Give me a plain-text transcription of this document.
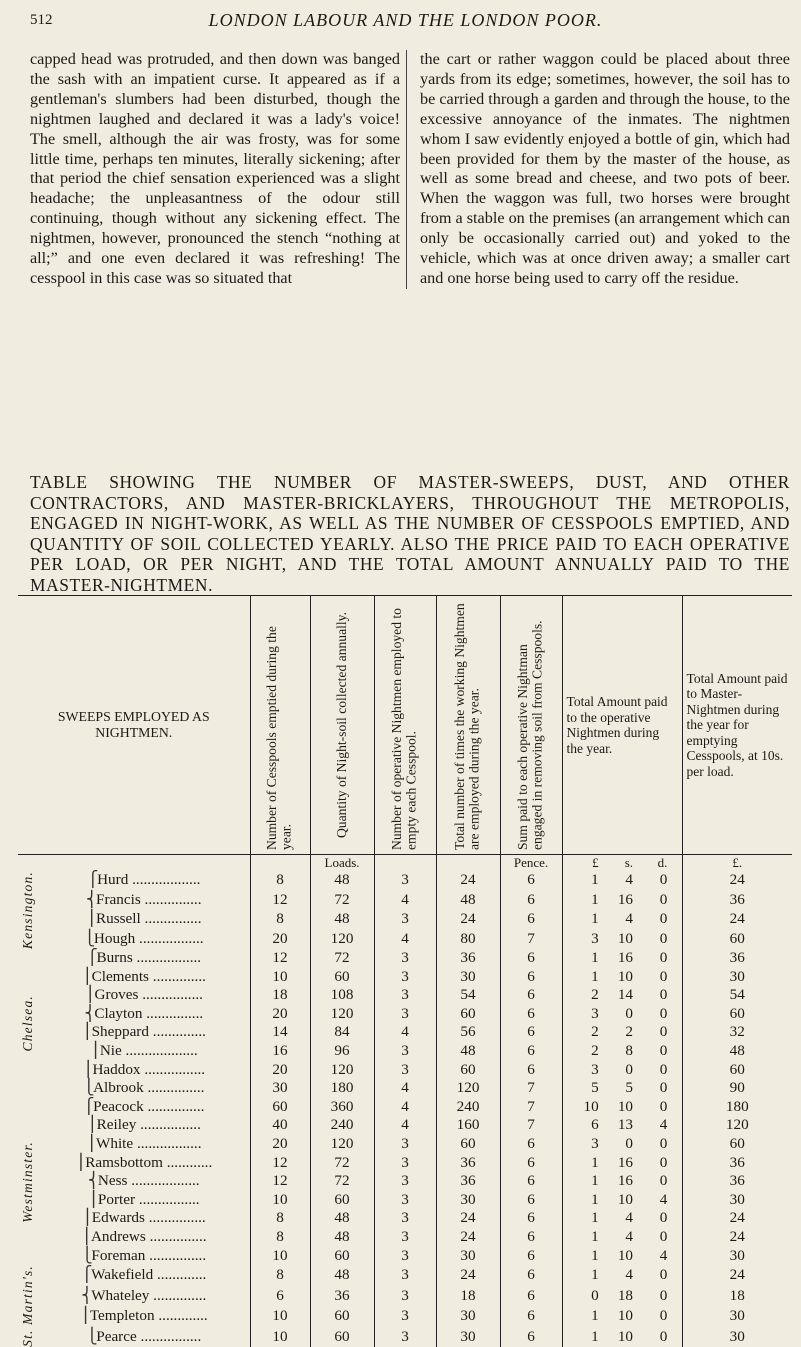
512	LONDON LABOUR AND THE LONDON POOR.
capped head was protruded, and then down was banged the sash with an impatient curse. It appeared as if a gentleman's slumbers had been disturbed, though the nightmen laughed and declared it was a lady's voice! The smell, although the air was frosty, was for some little time, perhaps ten minutes, literally sickening; after that period the chief sensation experienced was a slight headache; the unpleasantness of the odour still continuing, though without any sickening effect. The nightmen, however, pronounced the stench “nothing at all;” and one even declared it was refreshing! The cesspool in this case was so situated that
the cart or rather waggon could be placed about three yards from its edge; sometimes, however, the soil has to be carried through a garden and through the house, to the excessive annoyance of the inmates. The nightmen whom I saw evidently enjoyed a bottle of gin, which had been provided for them by the master of the house, as well as some bread and cheese, and two pots of beer. When the waggon was full, two horses were brought from a stable on the premises (an arrangement which can only be occasionally carried out) and yoked to the vehicle, which was at once driven away; a smaller cart and one horse being used to carry off the residue.
TABLE SHOWING THE NUMBER OF MASTER-SWEEPS, DUST, AND OTHER CONTRACTORS, AND MASTER-BRICKLAYERS, THROUGHOUT THE METROPOLIS, ENGAGED IN NIGHT-WORK, AS WELL AS THE NUMBER OF CESSPOOLS EMPTIED, AND QUANTITY OF SOIL COLLECTED YEARLY. ALSO THE PRICE PAID TO EACH OPERATIVE PER LOAD, OR PER NIGHT, AND THE TOTAL AMOUNT ANNUALLY PAID TO THE MASTER-NIGHTMEN.
SWEEPS EMPLOYED AS NIGHTMEN.		Number of Cesspools emptied during the year.	Quantity of Night-soil collected annually.	Number of operative Nightmen employed to empty each Cesspool.	Total number of times the working Nightmen are employed during the year.	Sum paid to each operative Nightman engaged in removing soil from Cesspools.	Total Amount paid to the operative Nightmen during the year.	Total Amount paid to Master-Nightmen during the year for emptying Cesspools, at 10s. per load.

			Loads.			Pence.	£ s. d.	£.

Kensington.	⎧Hurd ..................	8	48	3	24	6	1 4 0	24
	⎨Francis ...............	12	72	4	48	6	1 16 0	36
	⎪Russell ...............	8	48	3	24	6	1 4 0	24
	⎩Hough .................	20	120	4	80	7	3 10 0	60

Chelsea.	⎧Burns .................	12	72	3	36	6	1 16 0	36
	⎪Clements ..............	10	60	3	30	6	1 10 0	30
	⎪Groves ................	18	108	3	54	6	2 14 0	54
	⎨Clayton ...............	20	120	3	60	6	3 0 0	60
	⎪Sheppard ..............	14	84	4	56	6	2 2 0	32
	⎪Nie ...................	16	96	3	48	6	2 8 0	48
	⎪Haddox ................	20	120	3	60	6	3 0 0	60
	⎩Albrook ...............	30	180	4	120	7	5 5 0	90

Westminster.	⎧Peacock ...............	60	360	4	240	7	10 10 0	180
	⎪Reiley ................	40	240	4	160	7	6 13 4	120
	⎪White .................	20	120	3	60	6	3 0 0	60
	⎪Ramsbottom ............	12	72	3	36	6	1 16 0	36
	⎨Ness ..................	12	72	3	36	6	1 16 0	36
	⎪Porter ................	10	60	3	30	6	1 10 4	30
	⎪Edwards ...............	8	48	3	24	6	1 4 0	24
	⎪Andrews ...............	8	48	3	24	6	1 4 0	24
	⎩Foreman ...............	10	60	3	30	6	1 10 4	30

St. Martin's.	⎧Wakefield .............	8	48	3	24	6	1 4 0	24
	⎨Whateley ..............	6	36	3	18	6	0 18 0	18
	⎪Templeton .............	10	60	3	30	6	1 10 0	30
	⎩Pearce ................	10	60	3	30	6	1 10 0	30
